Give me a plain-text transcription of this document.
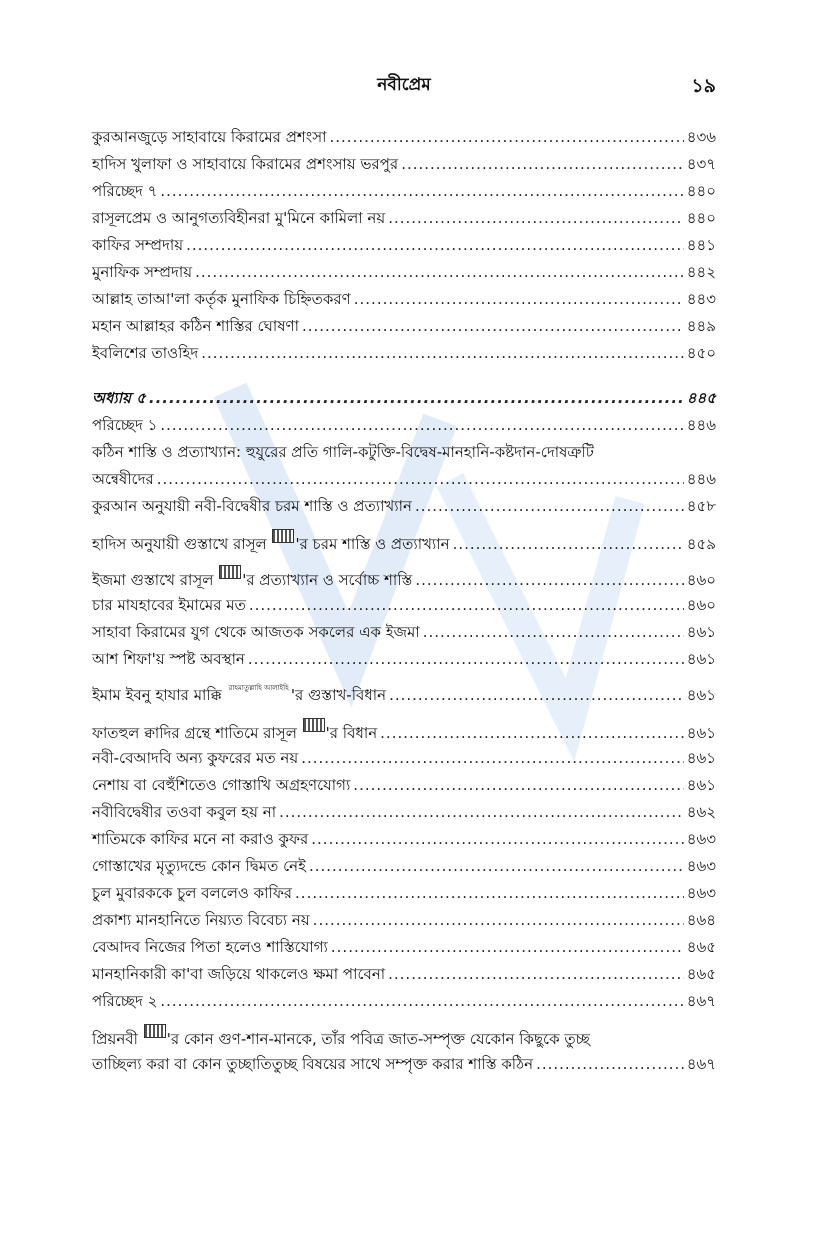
নবীপ্রেম	১৯
কুরআনজুড়ে সাহাবায়ে কিরামের প্রশংসা .....	৪৩৬
হাদিস খুলাফা ও সাহাবায়ে কিরামের প্রশংসায় ভরপুর .....	৪৩৭
পরিচ্ছেদ ৭ .....	৪৪০
রাসূলপ্রেম ও আনুগত্যবিহীনরা মু'মিনে কামিলা নয় .....	৪৪০
কাফির সম্প্রদায় .....	৪৪১
মুনাফিক সম্প্রদায় .....	৪৪২
আল্লাহ তাআ'লা কর্তৃক মুনাফিক চিহ্নিতকরণ .....	৪৪৩
মহান আল্লাহর কঠিন শাস্তির ঘোষণা .....	৪৪৯
ইবলিশের তাওহিদ .....	৪৫০
অধ্যায় ৫ .....	৪৪৫
পরিচ্ছেদ ১ .....	৪৪৬
কঠিন শাস্তি ও প্রত্যাখ্যান: হুযুরের প্রতি গালি-কটুক্তি-বিদ্বেষ-মানহানি-কষ্টদান-দোষত্রুটি
অন্বেষীদের .....	৪৪৬
কুরআন অনুযায়ী নবী-বিদ্বেষীর চরম শাস্তি ও প্রত্যাখ্যান .....	৪৫৮
হাদিস অনুযায়ী গুস্তাখে রাসূল 'র চরম শাস্তি ও প্রত্যাখ্যান .....	৪৫৯
ইজমা গুস্তাখে রাসূল 'র প্রত্যাখ্যান ও সর্বোচ্চ শাস্তি .....	৪৬০
চার মাযহাবের ইমামের মত .....	৪৬০
সাহাবা কিরামের যুগ থেকে আজতক সকলের এক ইজমা .....	৪৬১
আশ শিফা'য় স্পষ্ট অবস্থান .....	৪৬১
ইমাম ইবনু হাযার মাক্কি রাহমাতুল্লাহি আলাইহি 'র গুস্তাখ-বিধান .....	৪৬১
ফাতহুল ক্বাদির গ্রন্থে শাতিমে রাসূল 'র বিধান .....	৪৬১
নবী-বেআদবি অন্য কুফরের মত নয় .....	৪৬১
নেশায় বা বেহুঁশিতেও গোস্তাখি অগ্রহণযোগ্য .....	৪৬১
নবীবিদ্বেষীর তওবা কবুল হয় না .....	৪৬২
শাতিমকে কাফির মনে না করাও কুফর .....	৪৬৩
গোস্তাখের মৃত্যুদন্ডে কোন দ্বিমত নেই .....	৪৬৩
চুল মুবারককে চুল বললেও কাফির .....	৪৬৩
প্রকাশ্য মানহানিতে নিয়্যত বিবেচ্য নয় .....	৪৬৪
বেআদব নিজের পিতা হলেও শাস্তিযোগ্য .....	৪৬৫
মানহানিকারী কা'বা জড়িয়ে থাকলেও ক্ষমা পাবেনা .....	৪৬৫
পরিচ্ছেদ ২ .....	৪৬৭
প্রিয়নবী 'র কোন গুণ-শান-মানকে, তাঁর পবিত্র জাত-সম্পৃক্ত যেকোন কিছুকে তুচ্ছ
তাচ্ছিল্য করা বা কোন তুচ্ছাতিতুচ্ছ বিষয়ের সাথে সম্পৃক্ত করার শাস্তি কঠিন .....	৪৬৭
